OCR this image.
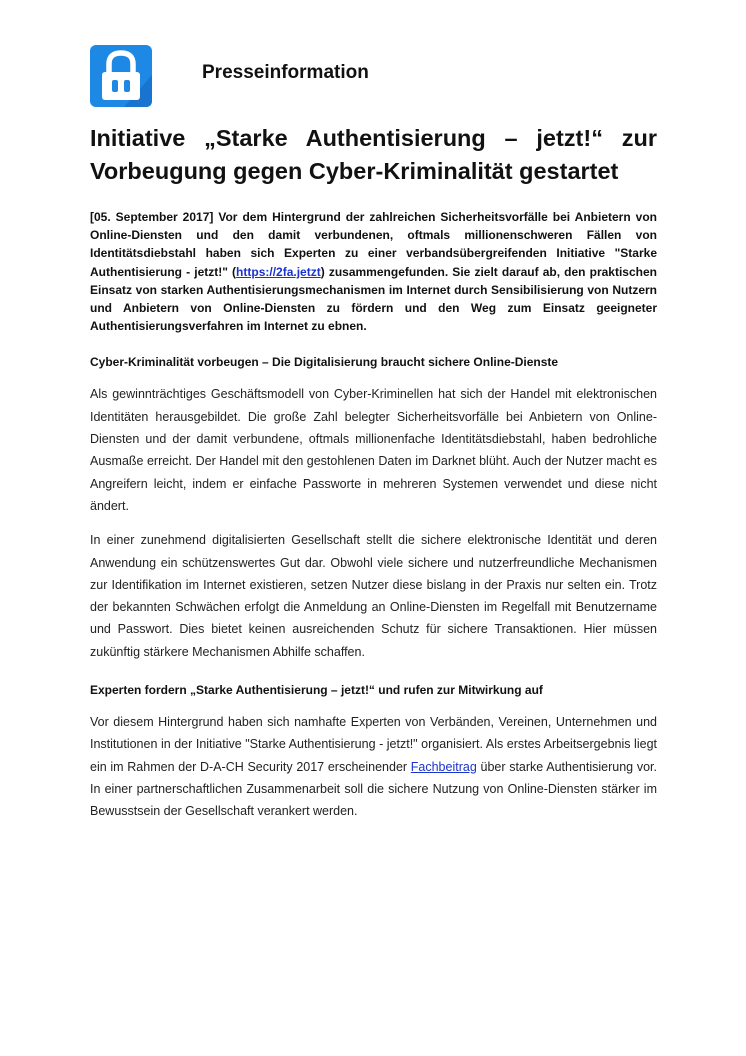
Presseinformation
Initiative „Starke Authentisierung – jetzt!“ zur Vorbeugung gegen Cyber-Kriminalität gestartet

[05. September 2017] Vor dem Hintergrund der zahlreichen Sicherheitsvorfälle bei Anbietern von Online-Diensten und den damit verbundenen, oftmals millionenschweren Fällen von Identitätsdiebstahl haben sich Experten zu einer verbandsübergreifenden Initiative "Starke Authentisierung - jetzt!" (https://2fa.jetzt) zusammengefunden. Sie zielt darauf ab, den praktischen Einsatz von starken Authentisierungsmechanismen im Internet durch Sensibilisierung von Nutzern und Anbietern von Online-Diensten zu fördern und den Weg zum Einsatz geeigneter Authentisierungsverfahren im Internet zu ebnen.

Cyber-Kriminalität vorbeugen – Die Digitalisierung braucht sichere Online-Dienste

Als gewinnträchtiges Geschäftsmodell von Cyber-Kriminellen hat sich der Handel mit elektronischen Identitäten herausgebildet. Die große Zahl belegter Sicherheitsvorfälle bei Anbietern von Online-Diensten und der damit verbundene, oftmals millionenfache Identitätsdiebstahl, haben bedrohliche Ausmaße erreicht. Der Handel mit den gestohlenen Daten im Darknet blüht. Auch der Nutzer macht es Angreifern leicht, indem er einfache Passworte in mehreren Systemen verwendet und diese nicht ändert.

In einer zunehmend digitalisierten Gesellschaft stellt die sichere elektronische Identität und deren Anwendung ein schützenswertes Gut dar. Obwohl viele sichere und nutzerfreundliche Mechanismen zur Identifikation im Internet existieren, setzen Nutzer diese bislang in der Praxis nur selten ein. Trotz der bekannten Schwächen erfolgt die Anmeldung an Online-Diensten im Regelfall mit Benutzername und Passwort. Dies bietet keinen ausreichenden Schutz für sichere Transaktionen. Hier müssen zukünftig stärkere Mechanismen Abhilfe schaffen.

Experten fordern „Starke Authentisierung – jetzt!“ und rufen zur Mitwirkung auf

Vor diesem Hintergrund haben sich namhafte Experten von Verbänden, Vereinen, Unternehmen und Institutionen in der Initiative "Starke Authentisierung - jetzt!" organisiert. Als erstes Arbeitsergebnis liegt ein im Rahmen der D-A-CH Security 2017 erscheinender Fachbeitrag über starke Authentisierung vor. In einer partnerschaftlichen Zusammenarbeit soll die sichere Nutzung von Online-Diensten stärker im Bewusstsein der Gesellschaft verankert werden.
